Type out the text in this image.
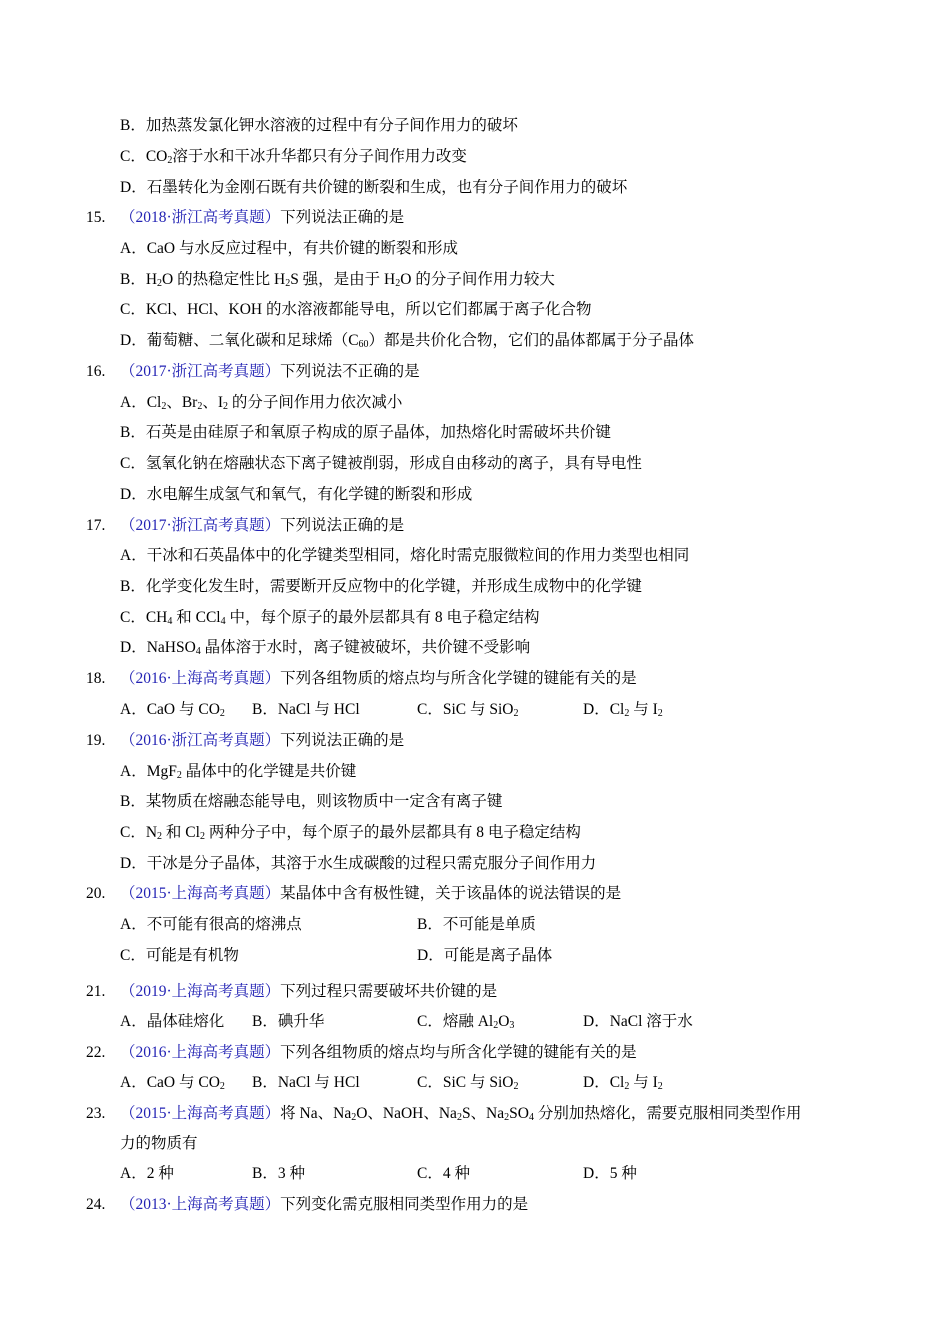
B．加热蒸发氯化钾水溶液的过程中有分子间作用力的破坏
C．$CO_2$溶于水和干冰升华都只有分子间作用力改变
D．石墨转化为金刚石既有共价键的断裂和生成，也有分子间作用力的破坏
15. （2018·浙江高考真题）下列说法正确的是
A．CaO 与水反应过程中，有共价键的断裂和形成
B．$H_2O$ 的热稳定性比 $H_2S$ 强，是由于 $H_2O$ 的分子间作用力较大
C．KCl、HCl、KOH 的水溶液都能导电，所以它们都属于离子化合物
D．葡萄糖、二氧化碳和足球烯$(C_{60})$都是共价化合物，它们的晶体都属于分子晶体
16. （2017·浙江高考真题）下列说法不正确的是
A．$Cl_2$、$Br_2$、$I_2$ 的分子间作用力依次减小
B．石英是由硅原子和氧原子构成的原子晶体，加热熔化时需破坏共价键
C．氢氧化钠在熔融状态下离子键被削弱，形成自由移动的离子，具有导电性
D．水电解生成氢气和氧气，有化学键的断裂和形成
17. （2017·浙江高考真题）下列说法正确的是
A．干冰和石英晶体中的化学键类型相同，熔化时需克服微粒间的作用力类型也相同
B．化学变化发生时，需要断开反应物中的化学键，并形成生成物中的化学键
C．$CH_4$ 和 CCl$_4$ 中，每个原子的最外层都具有 8 电子稳定结构
D．NaHSO$_4$ 晶体溶于水时，离子键被破坏，共价键不受影响
18. （2016·上海高考真题）下列各组物质的熔点均与所含化学键的键能有关的是
A．CaO 与 $CO_2$ B．NaCl 与 HCl	C．SiC 与 SiO$_2$	D．$Cl_2$ 与 $I_2$
19. （2016·浙江高考真题）下列说法正确的是
A．MgF$_2$ 晶体中的化学键是共价键
B．某物质在熔融态能导电，则该物质中一定含有离子键
C．$N_2$ 和 $Cl_2$ 两种分子中，每个原子的最外层都具有 8 电子稳定结构
D．干冰是分子晶体，其溶于水生成碳酸的过程只需克服分子间作用力
20. （2015·上海高考真题）某晶体中含有极性键，关于该晶体的说法错误的是
A．不可能有很高的熔沸点	B．不可能是单质
C．可能是有机物	D．可能是离子晶体
21. （2019·上海高考真题）下列过程只需要破坏共价键的是
A．晶体硅熔化 B．碘升华	C．熔融 $Al_2O_3$	D．NaCl 溶于水
22. （2016·上海高考真题）下列各组物质的熔点均与所含化学键的键能有关的是
A．CaO 与 $CO_2$ B．NaCl 与 HCl	C．SiC 与 SiO$_2$	D．$Cl_2$ 与 $I_2$
23. （2015·上海高考真题）将 Na、$Na_2O$、NaOH、$Na_2S$、$Na_2SO_4$ 分别加热熔化，需要克服相同类型作用
力的物质有
A．2 种	B．3 种	C．4 种	D．5 种
24. （2013·上海高考真题）下列变化需克服相同类型作用力的是
